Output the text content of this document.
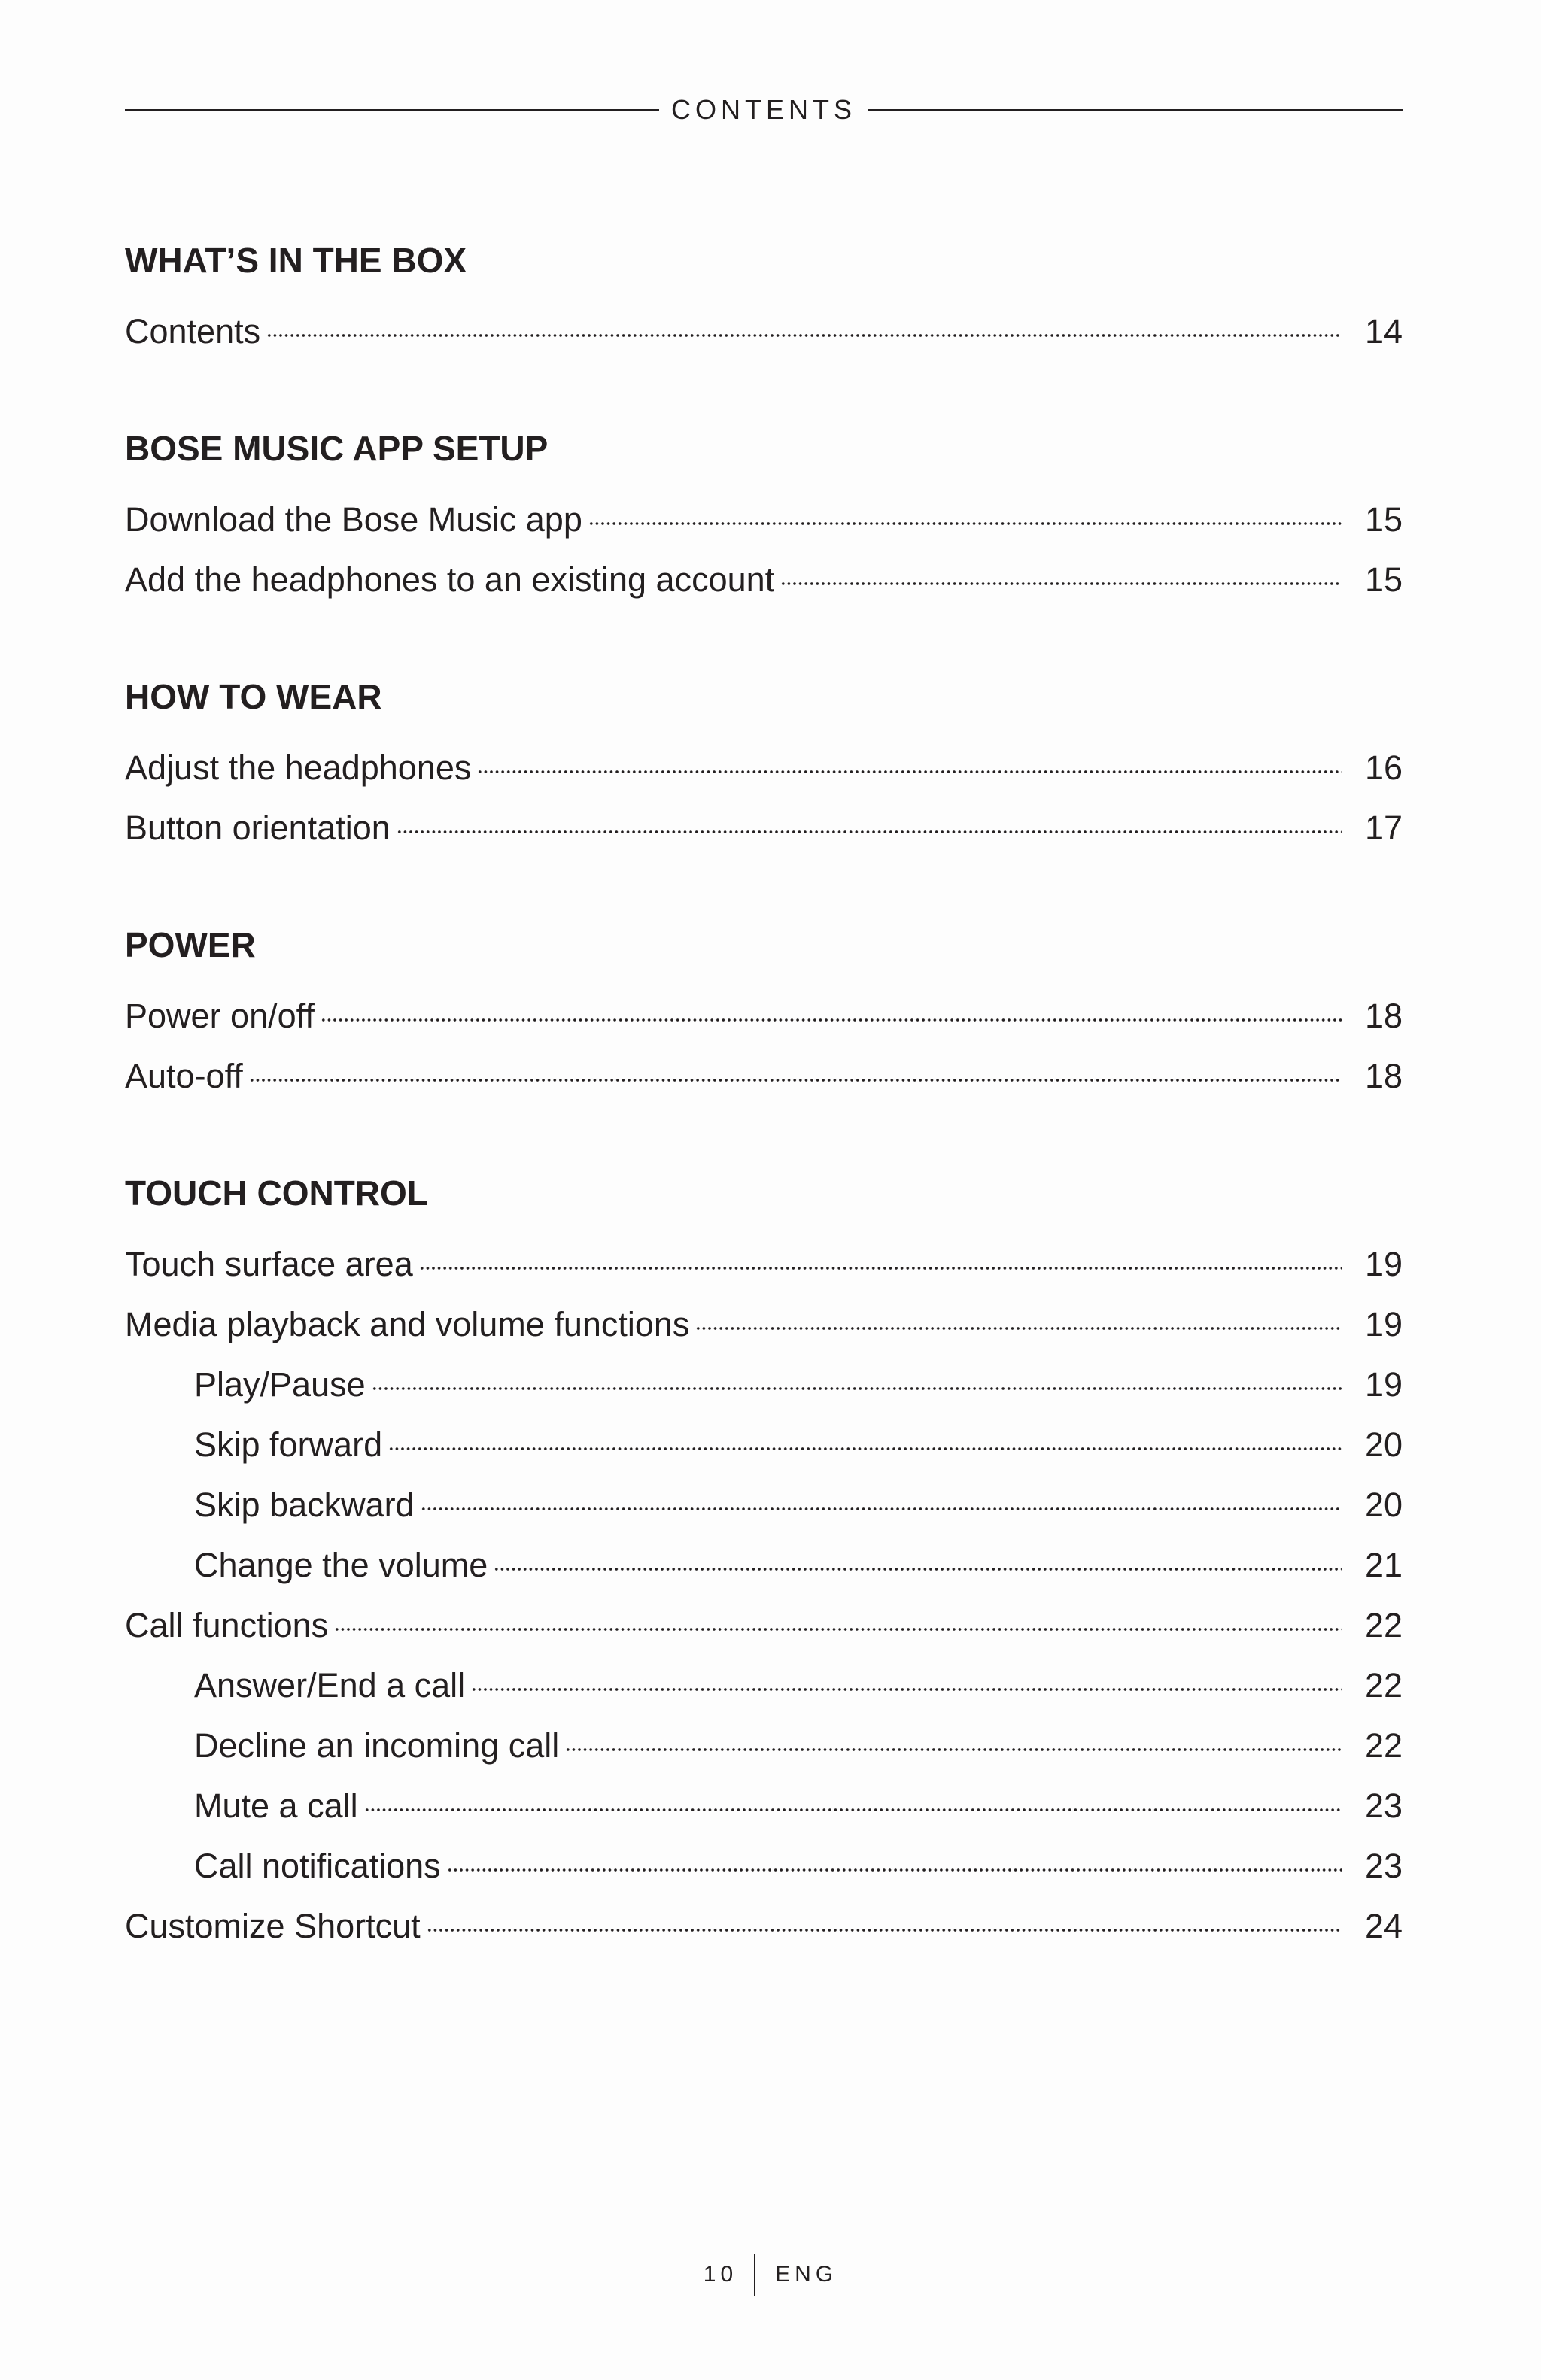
CONTENTS
WHAT’S IN THE BOX
Contents	14
BOSE MUSIC APP SETUP
Download the Bose Music app	15
Add the headphones to an existing account	15
HOW TO WEAR
Adjust the headphones	16
Button orientation	17
POWER
Power on/off	18
Auto-off	18
TOUCH CONTROL
Touch surface area	19
Media playback and volume functions	19
Play/Pause	19
Skip forward	20
Skip backward	20
Change the volume	21
Call functions	22
Answer/End a call	22
Decline an incoming call	22
Mute a call	23
Call notifications	23
Customize Shortcut	24
10 ENG
